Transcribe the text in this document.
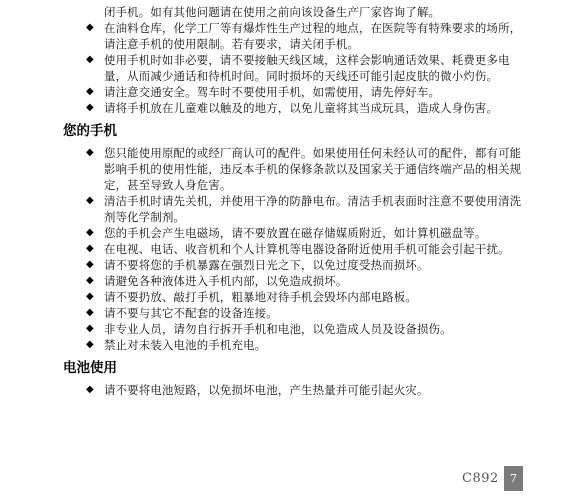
闭手机。如有其他问题请在使用之前向该设备生产厂家咨询了解。
◆ 在油料仓库，化学工厂等有爆炸性生产过程的地点，在医院等有特殊要求的场所，请注意手机的使用限制。若有要求，请关闭手机。
◆ 使用手机时如非必要，请不要接触天线区域，这样会影响通话效果、耗费更多电量，从而减少通话和待机时间。同时损坏的天线还可能引起皮肤的微小灼伤。
◆ 请注意交通安全。驾车时不要使用手机，如需使用，请先停好车。
◆ 请将手机放在儿童难以触及的地方，以免儿童将其当成玩具，造成人身伤害。
您的手机
◆ 您只能使用原配的或经厂商认可的配件。如果使用任何未经认可的配件，都有可能影响手机的使用性能，违反本手机的保修条款以及国家关于通信终端产品的相关规定，甚至导致人身危害。
◆ 清洁手机时请先关机，并使用干净的防静电布。清洁手机表面时注意不要使用清洗剂等化学制剂。
◆ 您的手机会产生电磁场，请不要放置在磁存储媒质附近，如计算机磁盘等。
◆ 在电视、电话、收音机和个人计算机等电器设备附近使用手机可能会引起干扰。
◆ 请不要将您的手机暴露在强烈日光之下，以免过度受热而损坏。
◆ 请避免各种液体进入手机内部，以免造成损坏。
◆ 请不要扔放、敲打手机，粗暴地对待手机会毁坏内部电路板。
◆ 请不要与其它不配套的设备连接。
◆ 非专业人员，请勿自行拆开手机和电池，以免造成人员及设备损伤。
◆ 禁止对未装入电池的手机充电。
电池使用
◆ 请不要将电池短路，以免损坏电池，产生热量并可能引起火灾。
C892	7
